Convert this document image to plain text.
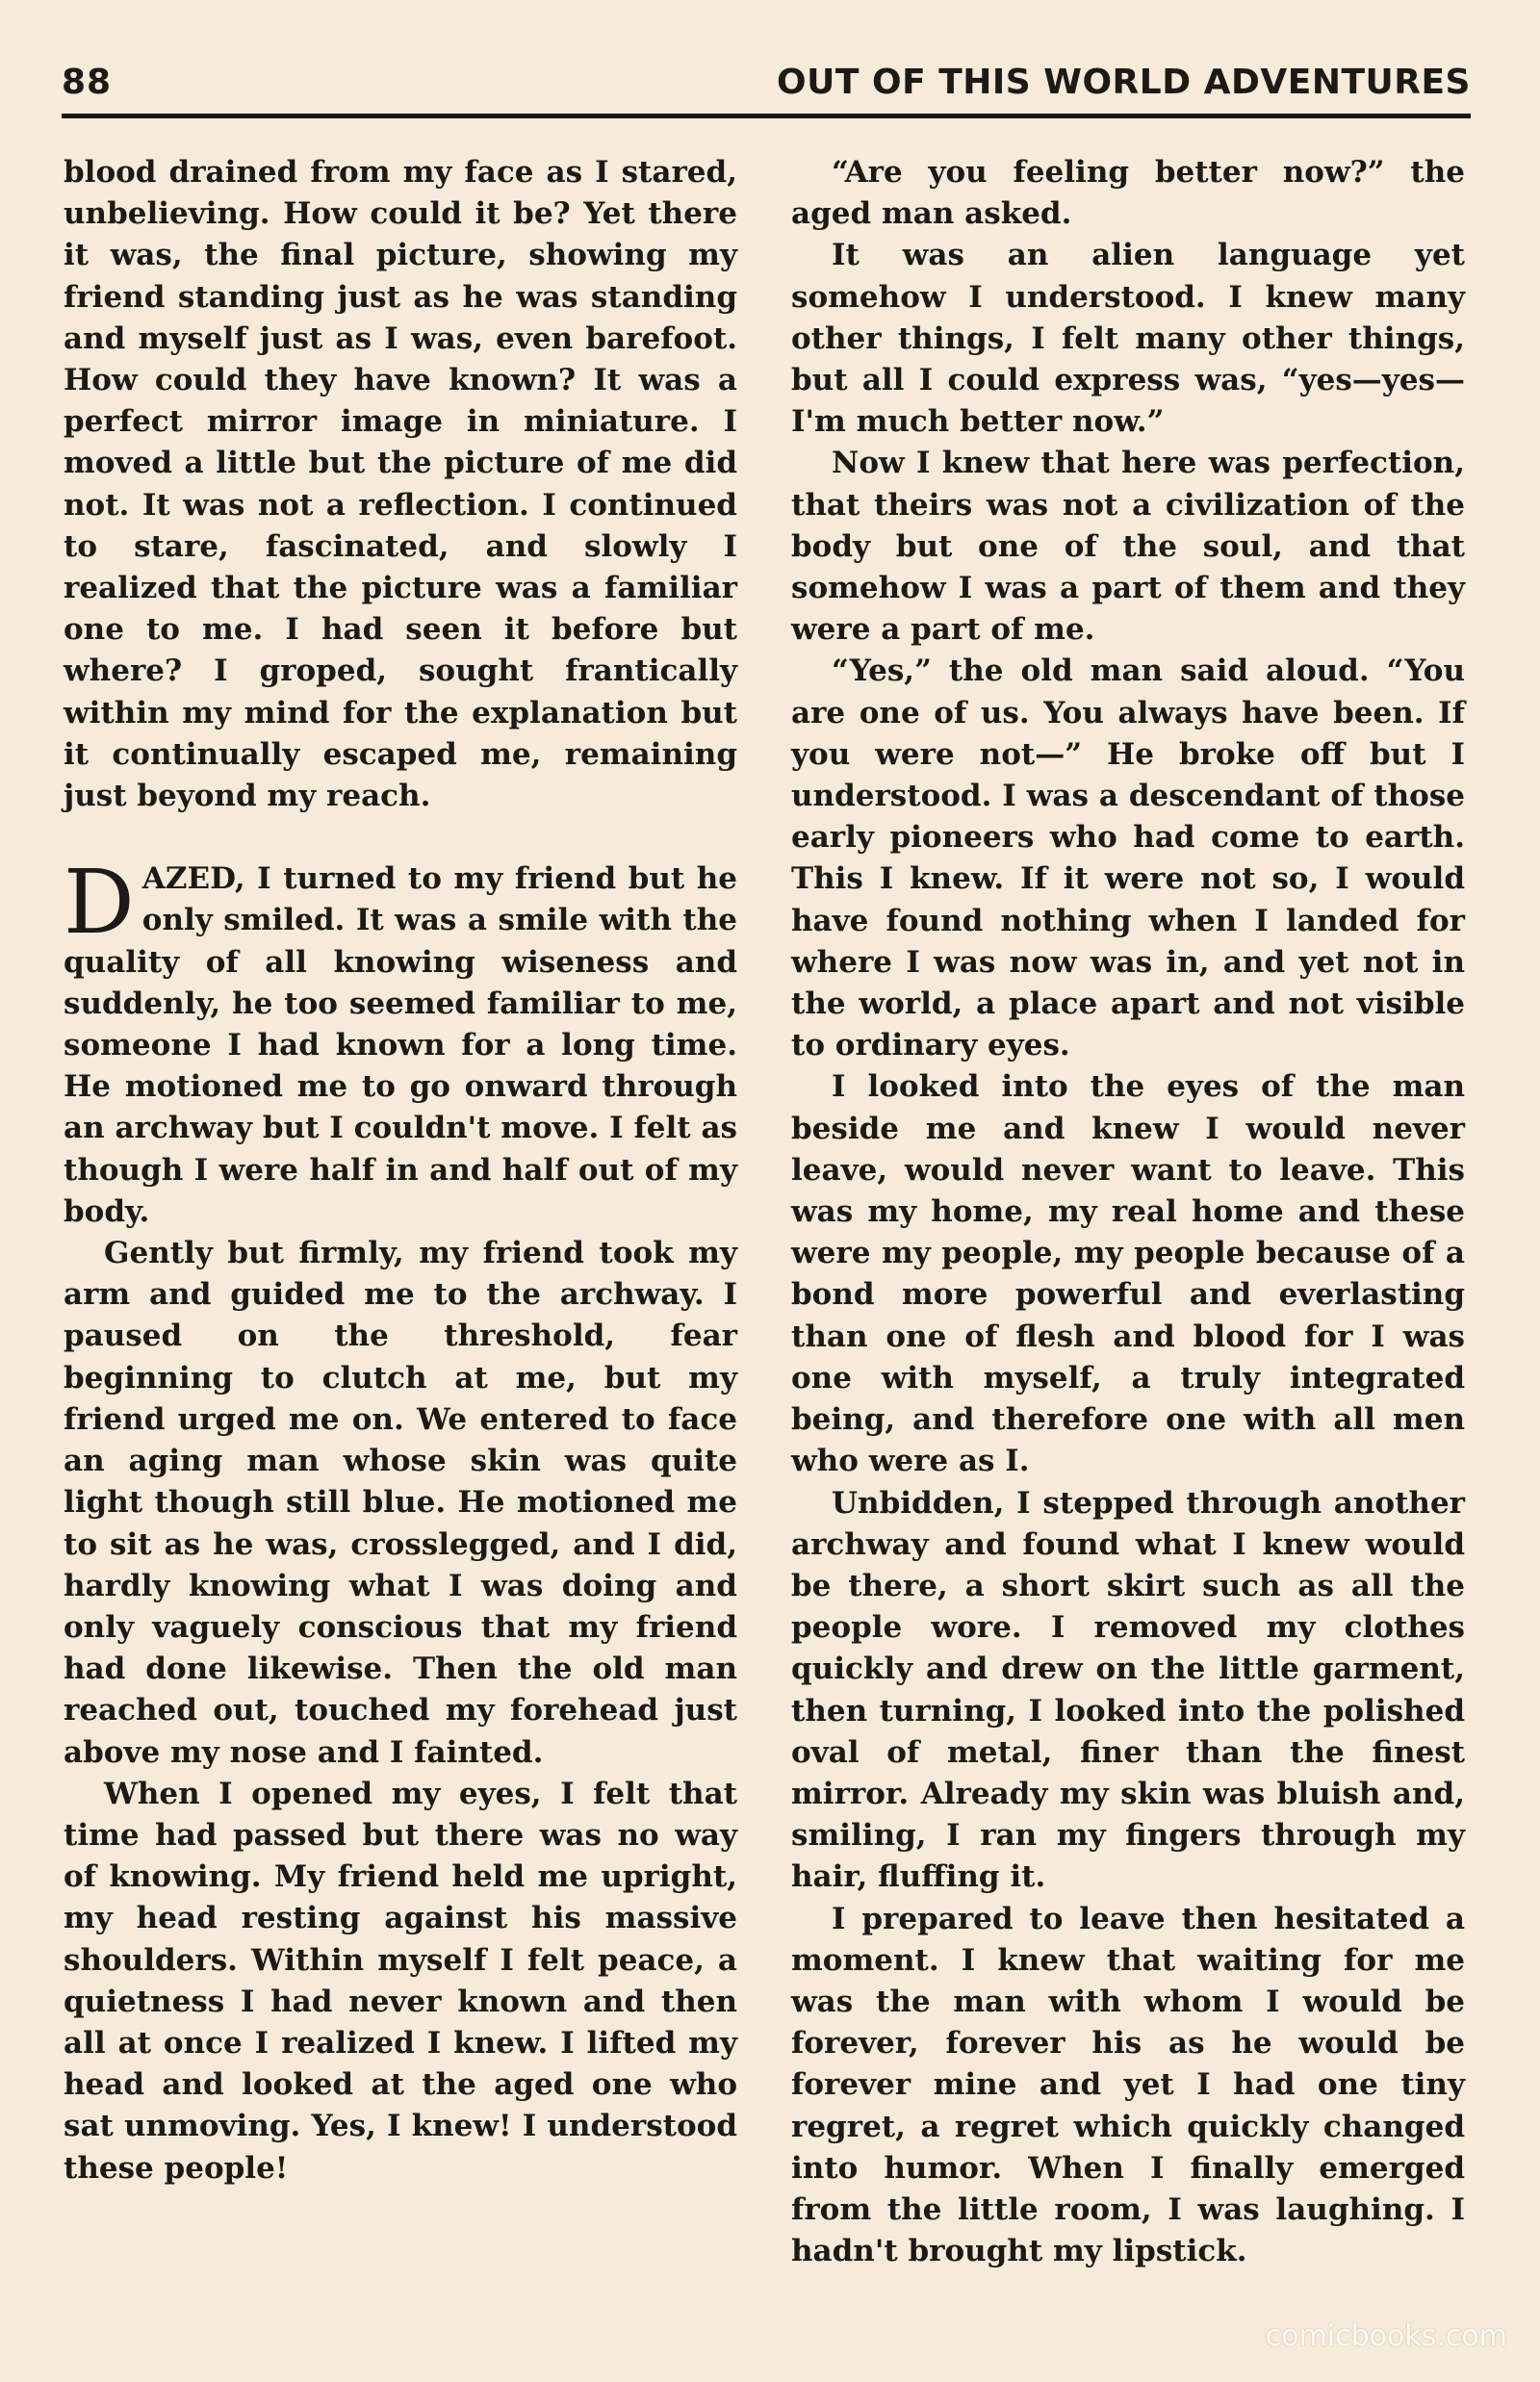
88	OUT OF THIS WORLD ADVENTURES

blood drained from my face as I stared, unbelieving. How could it be? Yet there it was, the final picture, showing my friend standing just as he was standing and myself just as I was, even barefoot. How could they have known? It was a perfect mirror image in miniature. I moved a little but the picture of me did not. It was not a reflection. I continued to stare, fascinated, and slowly I realized that the picture was a familiar one to me. I had seen it before but where? I groped, sought frantically within my mind for the explanation but it continually escaped me, remaining just beyond my reach.

DAZED, I turned to my friend but he only smiled. It was a smile with the quality of all knowing wiseness and suddenly, he too seemed familiar to me, someone I had known for a long time. He motioned me to go onward through an archway but I couldn't move. I felt as though I were half in and half out of my body.

Gently but firmly, my friend took my arm and guided me to the archway. I paused on the threshold, fear beginning to clutch at me, but my friend urged me on. We entered to face an aging man whose skin was quite light though still blue. He motioned me to sit as he was, crosslegged, and I did, hardly knowing what I was doing and only vaguely conscious that my friend had done likewise. Then the old man reached out, touched my forehead just above my nose and I fainted.

When I opened my eyes, I felt that time had passed but there was no way of knowing. My friend held me upright, my head resting against his massive shoulders. Within myself I felt peace, a quietness I had never known and then all at once I realized I knew. I lifted my head and looked at the aged one who sat unmoving. Yes, I knew! I understood these people!

“Are you feeling better now?” the aged man asked.

It was an alien language yet somehow I understood. I knew many other things, I felt many other things, but all I could express was, “yes—yes— I'm much better now.”

Now I knew that here was perfection, that theirs was not a civilization of the body but one of the soul, and that somehow I was a part of them and they were a part of me.

“Yes,” the old man said aloud. “You are one of us. You always have been. If you were not—” He broke off but I understood. I was a descendant of those early pioneers who had come to earth. This I knew. If it were not so, I would have found nothing when I landed for where I was now was in, and yet not in the world, a place apart and not visible to ordinary eyes.

I looked into the eyes of the man beside me and knew I would never leave, would never want to leave. This was my home, my real home and these were my people, my people because of a bond more powerful and everlasting than one of flesh and blood for I was one with myself, a truly integrated being, and therefore one with all men who were as I.

Unbidden, I stepped through another archway and found what I knew would be there, a short skirt such as all the people wore. I removed my clothes quickly and drew on the little garment, then turning, I looked into the polished oval of metal, finer than the finest mirror. Already my skin was bluish and, smiling, I ran my fingers through my hair, fluffing it.

I prepared to leave then hesitated a moment. I knew that waiting for me was the man with whom I would be forever, forever his as he would be forever mine and yet I had one tiny regret, a regret which quickly changed into humor. When I finally emerged from the little room, I was laughing. I hadn't brought my lipstick.

comicbooks.com
